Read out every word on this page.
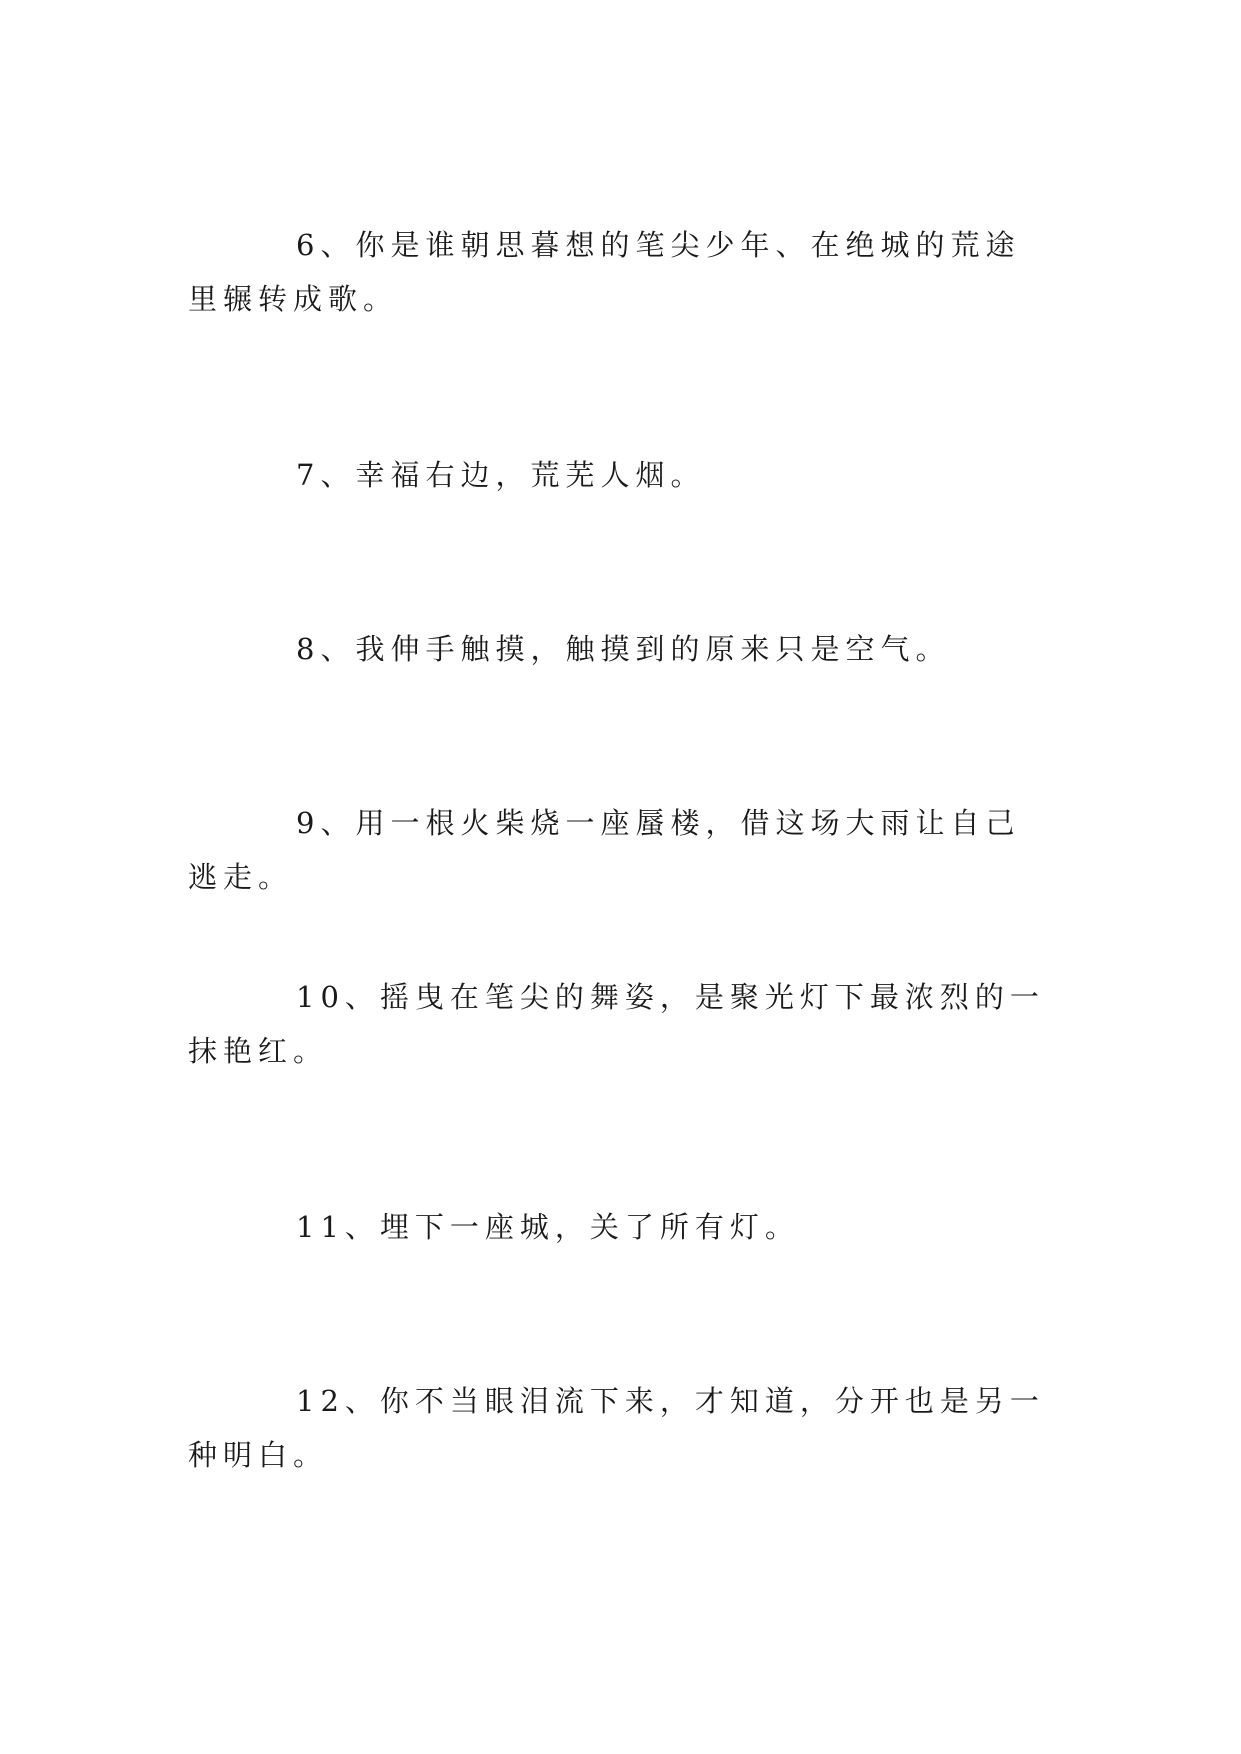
6、你是谁朝思暮想的笔尖少年、在绝城的荒途里辗转成歌。

7、幸福右边，荒芜人烟。

8、我伸手触摸，触摸到的原来只是空气。

9、用一根火柴烧一座蜃楼，借这场大雨让自己逃走。

10、摇曳在笔尖的舞姿，是聚光灯下最浓烈的一抹艳红。

11、埋下一座城，关了所有灯。

12、你不当眼泪流下来，才知道，分开也是另一种明白。
